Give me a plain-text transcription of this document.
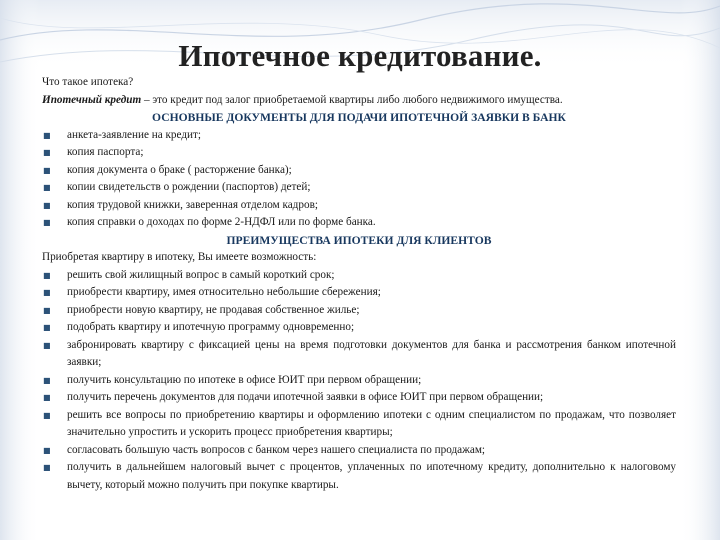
Ипотечное кредитование.

Что такое ипотека?

Ипотечный кредит – это кредит под залог приобретаемой квартиры либо любого недвижимого имущества.

ОСНОВНЫЕ ДОКУМЕНТЫ ДЛЯ ПОДАЧИ ИПОТЕЧНОЙ ЗАЯВКИ В БАНК

■	анкета-заявление на кредит;
■	копия паспорта;
■	копия документа о браке ( расторжение банка);
■	копии свидетельств о рождении (паспортов) детей;
■	копия трудовой книжки, заверенная отделом кадров;
■	копия справки о доходах по форме 2-НДФЛ или по форме банка.

ПРЕИМУЩЕСТВА ИПОТЕКИ ДЛЯ КЛИЕНТОВ

Приобретая квартиру в ипотеку, Вы имеете возможность:

■	решить свой жилищный вопрос в самый короткий срок;
■	приобрести квартиру, имея относительно небольшие сбережения;
■	приобрести новую квартиру, не продавая собственное жилье;
■	подобрать квартиру и ипотечную программу одновременно;
■	забронировать квартиру с фиксацией цены на время подготовки документов для банка и рассмотрения банком ипотечной заявки;
■	получить консультацию по ипотеке в офисе ЮИТ при первом обращении;
■	получить перечень документов для подачи ипотечной заявки в офисе ЮИТ при первом обращении;
■	решить все вопросы по приобретению квартиры и оформлению ипотеки с одним специалистом по продажам, что позволяет значительно упростить и ускорить процесс приобретения квартиры;
■	согласовать большую часть вопросов с банком через нашего специалиста по продажам;
■	получить в дальнейшем налоговый вычет с процентов, уплаченных по ипотечному кредиту, дополнительно к налоговому вычету, который можно получить при покупке квартиры.
